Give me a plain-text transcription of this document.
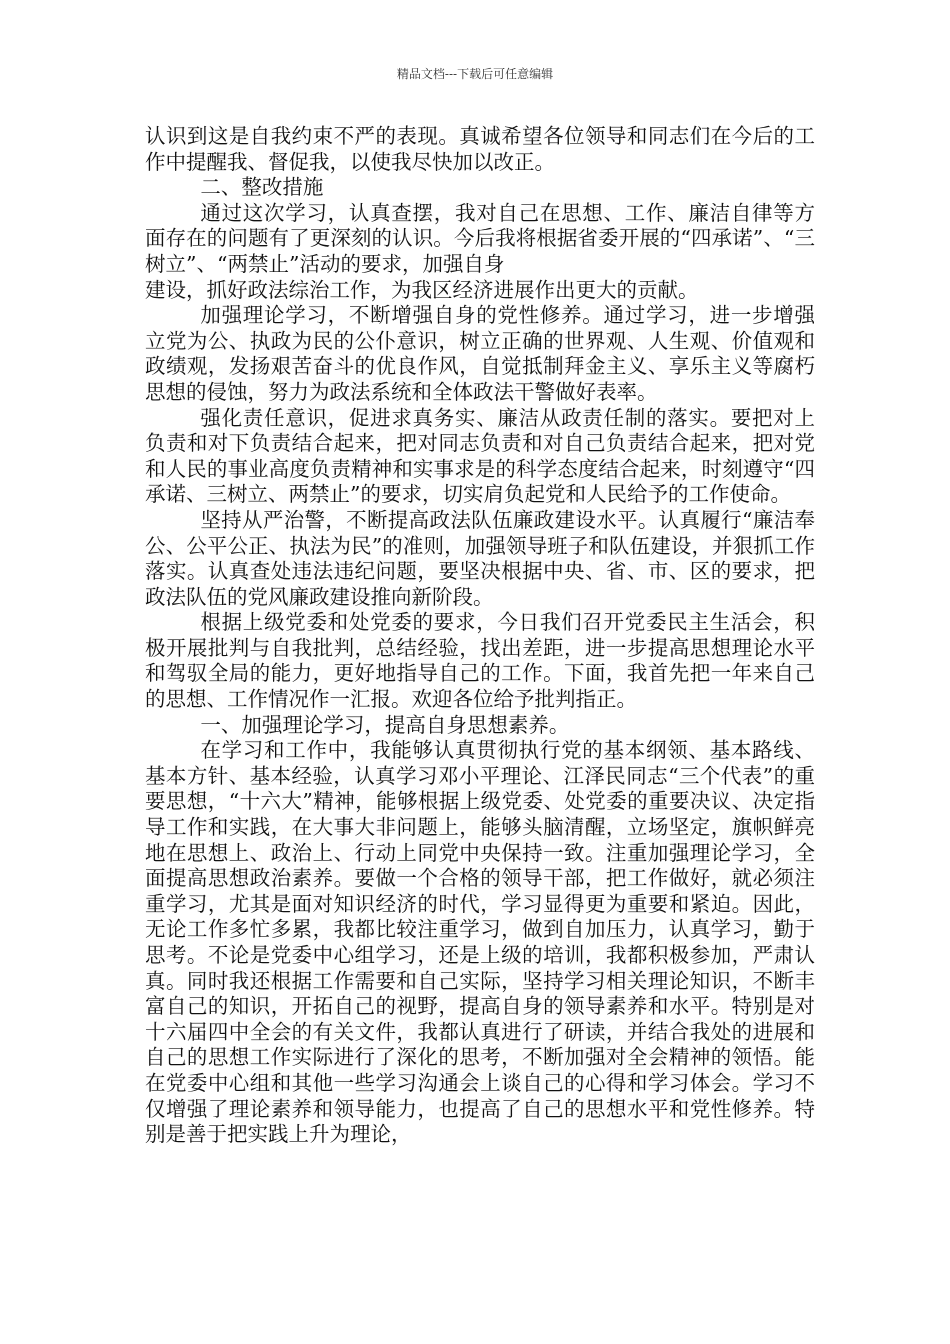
精品文档---下载后可任意编辑

认识到这是自我约束不严的表现。真诚希望各位领导和同志们在今后的工作中提醒我、督促我，以使我尽快加以改正。

二、整改措施

通过这次学习，认真查摆，我对自己在思想、工作、廉洁自律等方面存在的问题有了更深刻的认识。今后我将根据省委开展的“四承诺”、“三树立”、“两禁止”活动的要求，加强自身

建设，抓好政法综治工作，为我区经济进展作出更大的贡献。

加强理论学习，不断增强自身的党性修养。通过学习，进一步增强立党为公、执政为民的公仆意识，树立正确的世界观、人生观、价值观和政绩观，发扬艰苦奋斗的优良作风，自觉抵制拜金主义、享乐主义等腐朽思想的侵蚀，努力为政法系统和全体政法干警做好表率。

强化责任意识，促进求真务实、廉洁从政责任制的落实。要把对上负责和对下负责结合起来，把对同志负责和对自己负责结合起来，把对党和人民的事业高度负责精神和实事求是的科学态度结合起来，时刻遵守“四承诺、三树立、两禁止”的要求，切实肩负起党和人民给予的工作使命。

坚持从严治警，不断提高政法队伍廉政建设水平。认真履行“廉洁奉公、公平公正、执法为民”的准则，加强领导班子和队伍建设，并狠抓工作落实。认真查处违法违纪问题，要坚决根据中央、省、市、区的要求，把政法队伍的党风廉政建设推向新阶段。

根据上级党委和处党委的要求，今日我们召开党委民主生活会，积极开展批判与自我批判，总结经验，找出差距，进一步提高思想理论水平和驾驭全局的能力，更好地指导自己的工作。下面，我首先把一年来自己的思想、工作情况作一汇报。欢迎各位给予批判指正。

一、加强理论学习，提高自身思想素养。

在学习和工作中，我能够认真贯彻执行党的基本纲领、基本路线、基本方针、基本经验，认真学习邓小平理论、江泽民同志“三个代表”的重要思想，“十六大”精神，能够根据上级党委、处党委的重要决议、决定指导工作和实践，在大事大非问题上，能够头脑清醒，立场坚定，旗帜鲜亮地在思想上、政治上、行动上同党中央保持一致。注重加强理论学习，全面提高思想政治素养。要做一个合格的领导干部，把工作做好，就必须注重学习，尤其是面对知识经济的时代，学习显得更为重要和紧迫。因此，无论工作多忙多累，我都比较注重学习，做到自加压力，认真学习，勤于思考。不论是党委中心组学习，还是上级的培训，我都积极参加，严肃认真。同时我还根据工作需要和自己实际，坚持学习相关理论知识，不断丰富自己的知识，开拓自己的视野，提高自身的领导素养和水平。特别是对十六届四中全会的有关文件，我都认真进行了研读，并结合我处的进展和自己的思想工作实际进行了深化的思考，不断加强对全会精神的领悟。能在党委中心组和其他一些学习沟通会上谈自己的心得和学习体会。学习不仅增强了理论素养和领导能力，也提高了自己的思想水平和党性修养。特别是善于把实践上升为理论，
